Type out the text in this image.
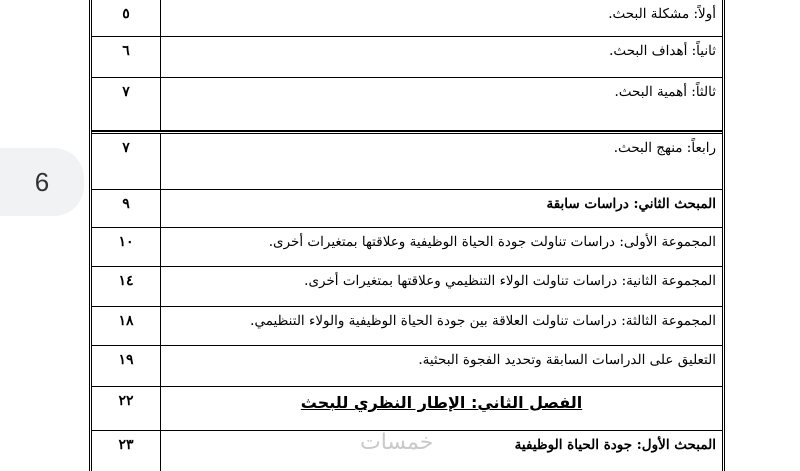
6
٥	أولاً: مشكلة البحث.
٦	ثانياً: أهداف البحث.
٧	ثالثاً: أهمية البحث.
٧	رابعاً: منهج البحث.
٩	المبحث الثاني: دراسات سابقة
١٠	المجموعة الأولى: دراسات تناولت جودة الحياة الوظيفية وعلاقتها بمتغيرات أخرى.
١٤	المجموعة الثانية: دراسات تناولت الولاء التنظيمي وعلاقتها بمتغيرات أخرى.
١٨	المجموعة الثالثة: دراسات تناولت العلاقة بين جودة الحياة الوظيفية والولاء التنظيمي.
١٩	التعليق على الدراسات السابقة وتحديد الفجوة البحثية.
٢٢	الفصل الثاني: الإطار النظري للبحث
٢٣	المبحث الأول: جودة الحياة الوظيفية
خمسات
